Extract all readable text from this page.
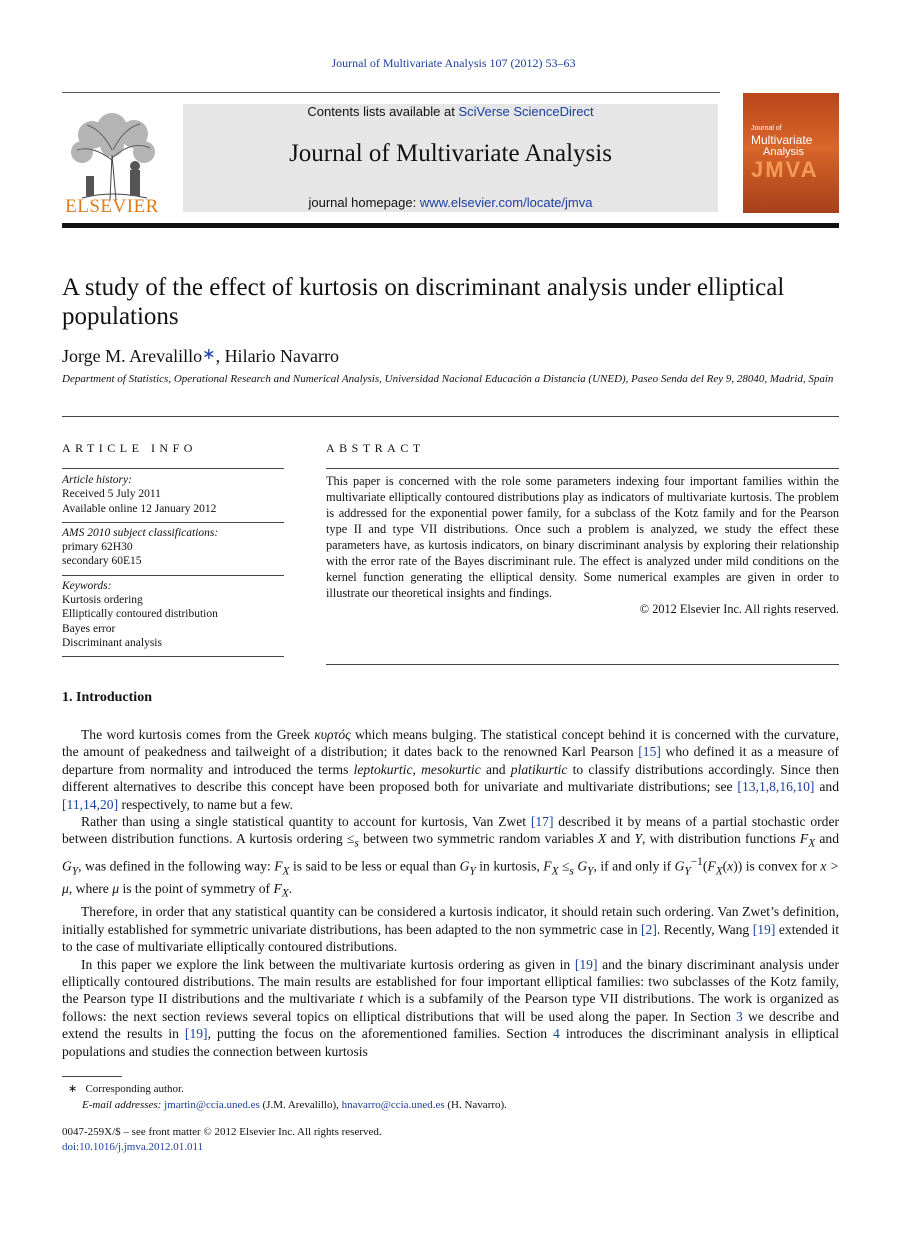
Journal of Multivariate Analysis 107 (2012) 53–63
ELSEVIER
Contents lists available at SciVerse ScienceDirect
Journal of Multivariate Analysis
journal homepage: www.elsevier.com/locate/jmva
Journal of
Multivariate
Analysis
JMVA
A study of the effect of kurtosis on discriminant analysis under elliptical populations
Jorge M. Arevalillo∗, Hilario Navarro
Department of Statistics, Operational Research and Numerical Analysis, Universidad Nacional Educación a Distancia (UNED), Paseo Senda del Rey 9, 28040, Madrid, Spain
ARTICLE INFO
Article history:
Received 5 July 2011
Available online 12 January 2012
AMS 2010 subject classifications:
primary 62H30
secondary 60E15
Keywords:
Kurtosis ordering
Elliptically contoured distribution
Bayes error
Discriminant analysis
ABSTRACT
This paper is concerned with the role some parameters indexing four important families within the multivariate elliptically contoured distributions play as indicators of multivariate kurtosis. The problem is addressed for the exponential power family, for a subclass of the Kotz family and for the Pearson type II and type VII distributions. Once such a problem is analyzed, we study the effect these parameters have, as kurtosis indicators, on binary discriminant analysis by exploring their relationship with the error rate of the Bayes discriminant rule. The effect is analyzed under mild conditions on the kernel function generating the elliptical density. Some numerical examples are given in order to illustrate our theoretical insights and findings.
© 2012 Elsevier Inc. All rights reserved.
1. Introduction

The word kurtosis comes from the Greek κυρτός which means bulging. The statistical concept behind it is concerned with the curvature, the amount of peakedness and tailweight of a distribution; it dates back to the renowned Karl Pearson [15] who defined it as a measure of departure from normality and introduced the terms leptokurtic, mesokurtic and platikurtic to classify distributions accordingly. Since then different alternatives to describe this concept have been proposed both for univariate and multivariate distributions; see [13,1,8,16,10] and [11,14,20] respectively, to name but a few.

Rather than using a single statistical quantity to account for kurtosis, Van Zwet [17] described it by means of a partial stochastic order between distribution functions. A kurtosis ordering $\le_s$ between two symmetric random variables X and Y, with distribution functions $F_X$ and $G_Y$, was defined in the following way: $F_X$ is said to be less or equal than $G_Y$ in kurtosis, $F_X \le_s$ $G_Y$, if and only if $G_Y^{-1}(F_X(x))$ is convex for x > μ, where μ is the point of symmetry of $F_X$.

Therefore, in order that any statistical quantity can be considered a kurtosis indicator, it should retain such ordering. Van Zwet’s definition, initially established for symmetric univariate distributions, has been adapted to the non symmetric case in [2]. Recently, Wang [19] extended it to the case of multivariate elliptically contoured distributions.

In this paper we explore the link between the multivariate kurtosis ordering as given in [19] and the binary discriminant analysis under elliptically contoured distributions. The main results are established for four important elliptical families: two subclasses of the Kotz family, the Pearson type II distributions and the multivariate t which is a subfamily of the Pearson type VII distributions. The work is organized as follows: the next section reviews several topics on elliptical distributions that will be used along the paper. In Section 3 we describe and extend the results in [19], putting the focus on the aforementioned families. Section 4 introduces the discriminant analysis in elliptical populations and studies the connection between kurtosis

∗ Corresponding author.
E-mail addresses: jmartin@ccia.uned.es (J.M. Arevalillo), hnavarro@ccia.uned.es (H. Navarro).
0047-259X/$ – see front matter © 2012 Elsevier Inc. All rights reserved.
doi:10.1016/j.jmva.2012.01.011
